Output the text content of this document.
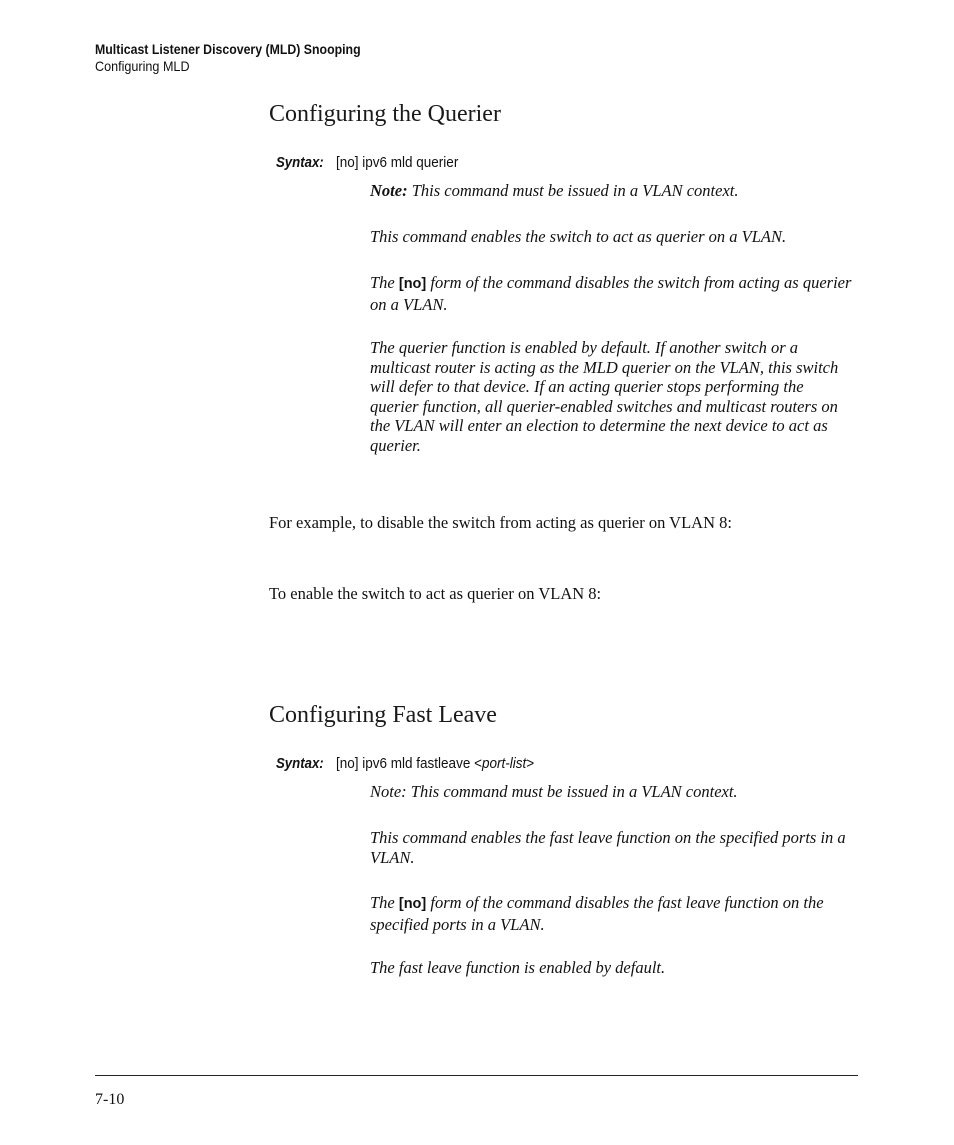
Multicast Listener Discovery (MLD) Snooping
Configuring MLD
Configuring the Querier
Syntax: [no] ipv6 mld querier
Note: This command must be issued in a VLAN context.
This command enables the switch to act as querier on a VLAN.
The [no] form of the command disables the switch from acting as querier on a VLAN.
The querier function is enabled by default. If another switch or a multicast router is acting as the MLD querier on the VLAN, this switch will defer to that device. If an acting querier stops performing the querier function, all querier-enabled switches and multicast routers on the VLAN will enter an election to determine the next device to act as querier.
For example, to disable the switch from acting as querier on VLAN 8:
To enable the switch to act as querier on VLAN 8:
Configuring Fast Leave
Syntax: [no] ipv6 mld fastleave <port-list>
Note: This command must be issued in a VLAN context.
This command enables the fast leave function on the specified ports in a VLAN.
The [no] form of the command disables the fast leave function on the specified ports in a VLAN.
The fast leave function is enabled by default.
7-10
